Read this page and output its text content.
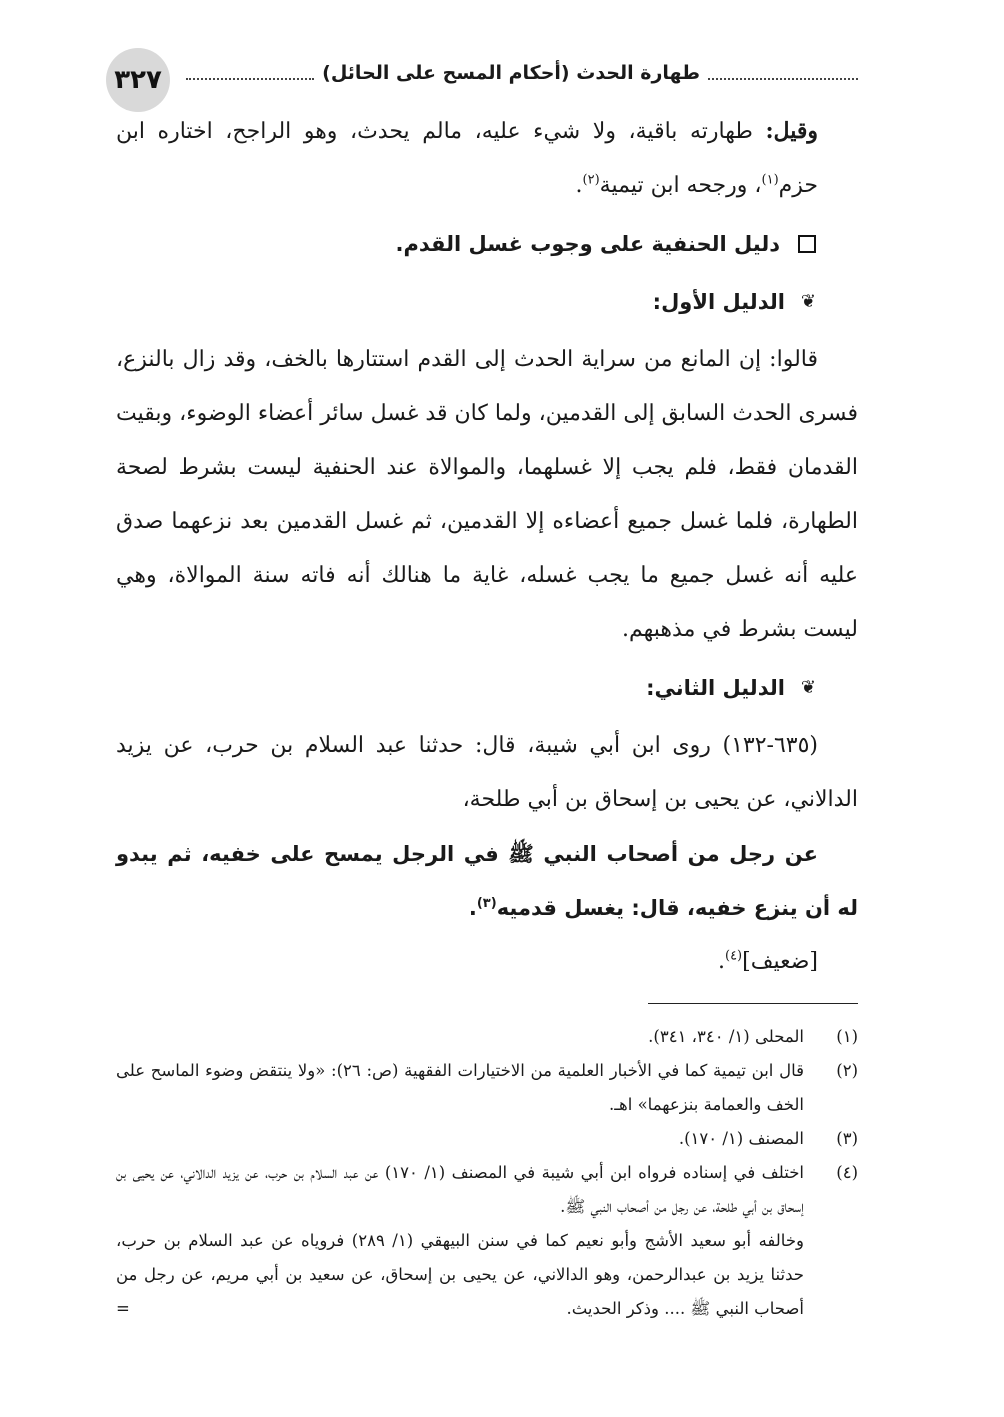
طهارة الحدث (أحكام المسح على الحائل)
٣٢٧

وقيل: طهارته باقية، ولا شيء عليه، مالم يحدث، وهو الراجح، اختاره ابن حزم$^{(١)}$، ورجحه ابن تيمية$^{(٢)}$.

دليل الحنفية على وجوب غسل القدم.
❦
الدليل الأول:

قالوا: إن المانع من سراية الحدث إلى القدم استتارها بالخف، وقد زال بالنزع، فسرى الحدث السابق إلى القدمين، ولما كان قد غسل سائر أعضاء الوضوء، وبقيت القدمان فقط، فلم يجب إلا غسلهما، والموالاة عند الحنفية ليست بشرط لصحة الطهارة، فلما غسل جميع أعضاءه إلا القدمين، ثم غسل القدمين بعد نزعهما صدق عليه أنه غسل جميع ما يجب غسله، غاية ما هنالك أنه فاته سنة الموالاة، وهي ليست بشرط في مذهبهم.

❦
الدليل الثاني:

(٦٣٥-١٣٢) روى ابن أبي شيبة، قال: حدثنا عبد السلام بن حرب، عن يزيد الدالاني، عن يحيى بن إسحاق بن أبي طلحة،

عن رجل من أصحاب النبي ﷺ في الرجل يمسح على خفيه، ثم يبدو له أن ينزع خفيه، قال: يغسل قدميه$^{(٣)}$.

[ضعيف]$^{(٤)}$.
(١)
المحلى (١/ ٣٤٠، ٣٤١).
(٢)
قال ابن تيمية كما في الأخبار العلمية من الاختيارات الفقهية (ص: ٢٦): «ولا ينتقض وضوء الماسح على الخف والعمامة بنزعهما» اهـ.
(٣)
المصنف (١/ ١٧٠).
(٤)
اختلف في إسناده فرواه ابن أبي شيبة في المصنف (١/ ١٧٠) عن عبد السلام بن حرب، عن يزيد الدالاني، عن يحيى بن إسحاق بن أبي طلحة، عن رجل من أصحاب النبي ﷺ.
وخالفه أبو سعيد الأشج وأبو نعيم كما في سنن البيهقي (١/ ٢٨٩) فروياه عن عبد السلام بن حرب، حدثنا يزيد بن عبدالرحمن، وهو الدالاني، عن يحيى بن إسحاق، عن سعيد بن أبي مريم، عن رجل من أصحاب النبي ﷺ .... وذكر الحديث.
=
